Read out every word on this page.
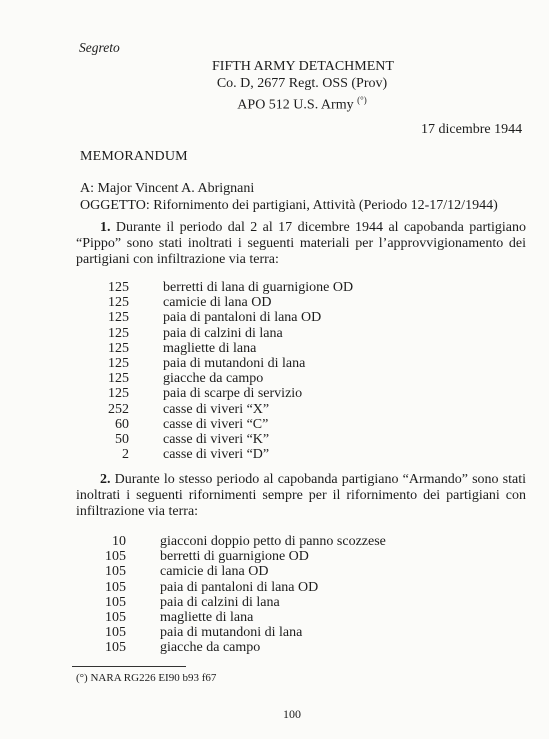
Segreto
FIFTH ARMY DETACHMENT
Co. D, 2677 Regt. OSS (Prov)
APO 512 U.S. Army (°)
17 dicembre 1944
MEMORANDUM
A: Major Vincent A. Abrignani
OGGETTO: Rifornimento dei partigiani, Attività (Periodo 12-17/12/1944)

1. Durante il periodo dal 2 al 17 dicembre 1944 al capobanda partigiano “Pippo” sono stati inoltrati i seguenti materiali per l’approvvigionamento dei partigiani con infiltrazione via terra:

125 berretti di lana di guarnigione OD
125 camicie di lana OD
125 paia di pantaloni di lana OD
125 paia di calzini di lana
125 magliette di lana
125 paia di mutandoni di lana
125 giacche da campo
125 paia di scarpe di servizio
252 casse di viveri “X”
60 casse di viveri “C”
50 casse di viveri “K”
2 casse di viveri “D”

2. Durante lo stesso periodo al capobanda partigiano “Armando” sono stati inoltrati i seguenti rifornimenti sempre per il rifornimento dei partigiani con infiltrazione via terra:

10 giacconi doppio petto di panno scozzese
105 berretti di guarnigione OD
105 camicie di lana OD
105 paia di pantaloni di lana OD
105 paia di calzini di lana
105 magliette di lana
105 paia di mutandoni di lana
105 giacche da campo
(°) NARA RG226 EI90 b93 f67
100
